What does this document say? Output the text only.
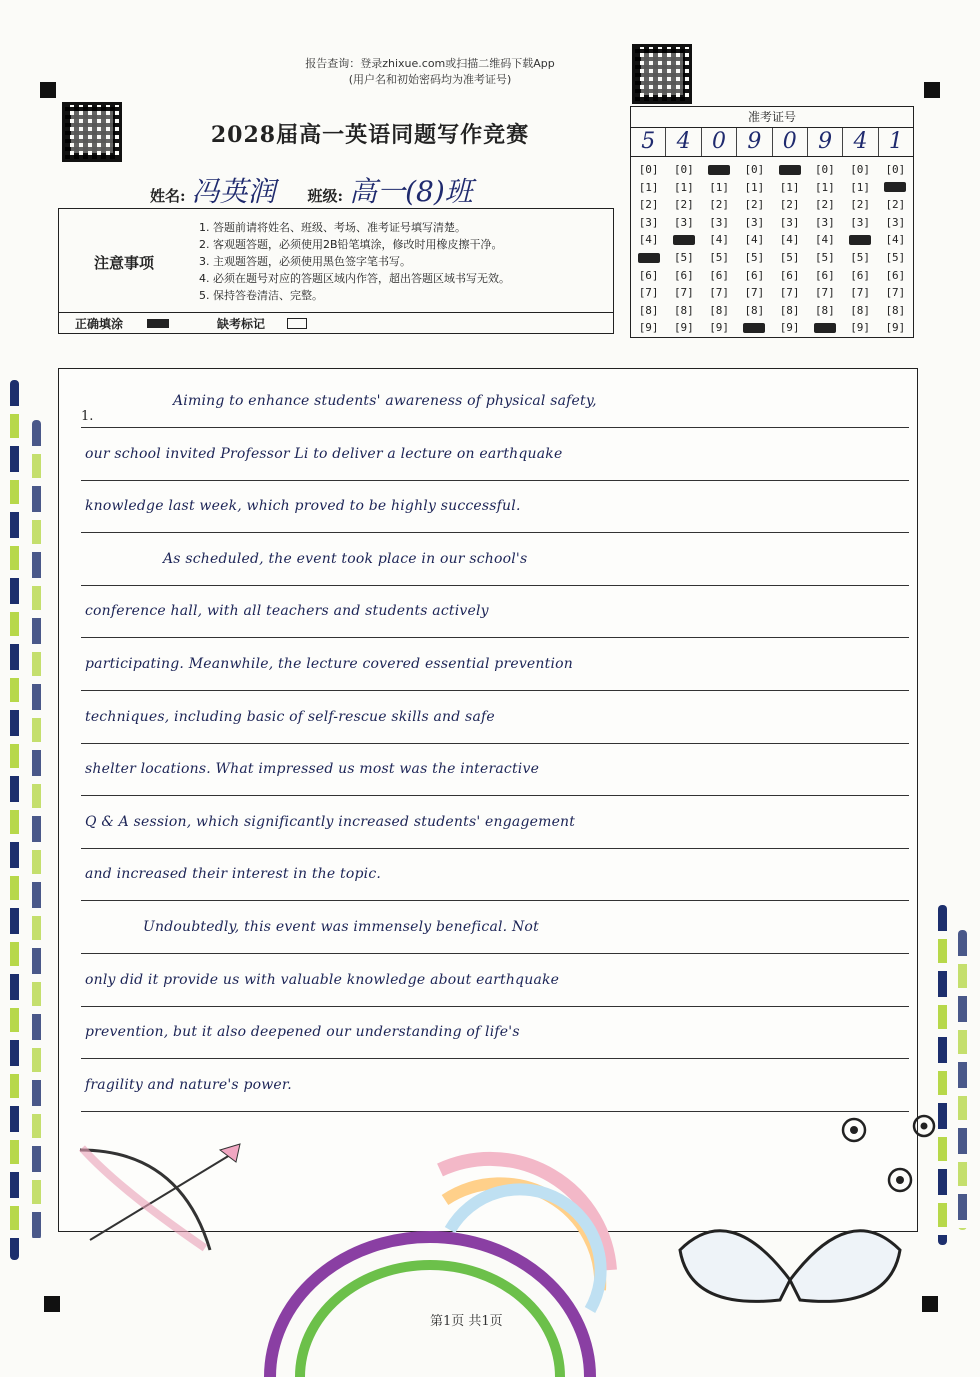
报告查询：登录zhixue.com或扫描二维码下载App
(用户名和初始密码均为准考证号)
2028届高一英语同题写作竞赛
姓名: 冯英润	班级: 高一(8)班
注意事项
1. 答题前请将姓名、班级、考场、准考证号填写清楚。
2. 客观题答题，必须使用2B铅笔填涂，修改时用橡皮擦干净。
3. 主观题答题，必须使用黑色签字笔书写。
4. 必须在题号对应的答题区域内作答，超出答题区域书写无效。
5. 保持答卷清洁、完整。
正确填涂	缺考标记
准考证号
5 4 0 9 0 9 4 1
[0]
[1]
[2]
[3]
[4]
[6]
[7]
[8]
[9]
[0]
[1]
[2]
[3]
[5]
[6]
[7]
[8]
[9]
[1]
[2]
[3]
[4]
[5]
[6]
[7]
[8]
[9]
[0]
[1]
[2]
[3]
[4]
[5]
[6]
[7]
[8]
[1]
[2]
[3]
[4]
[5]
[6]
[7]
[8]
[9]
[0]
[1]
[2]
[3]
[4]
[5]
[6]
[7]
[8]
[0]
[1]
[2]
[3]
[5]
[6]
[7]
[8]
[9]
[0]
[2]
[3]
[4]
[5]
[6]
[7]
[8]
[9]
1.
Aiming to enhance students' awareness of physical safety,
our school invited Professor Li to deliver a lecture on earthquake
knowledge last week, which proved to be highly successful.
As scheduled, the event took place in our school's
conference hall, with all teachers and students actively
participating. Meanwhile, the lecture covered essential prevention
techniques, including basic of self-rescue skills and safe
shelter locations. What impressed us most was the interactive
Q & A session, which significantly increased students' engagement
and increased their interest in the topic.
Undoubtedly, this event was immensely benefical. Not
only did it provide us with valuable knowledge about earthquake
prevention, but it also deepened our understanding of life's
fragility and nature's power.
第1页 共1页
